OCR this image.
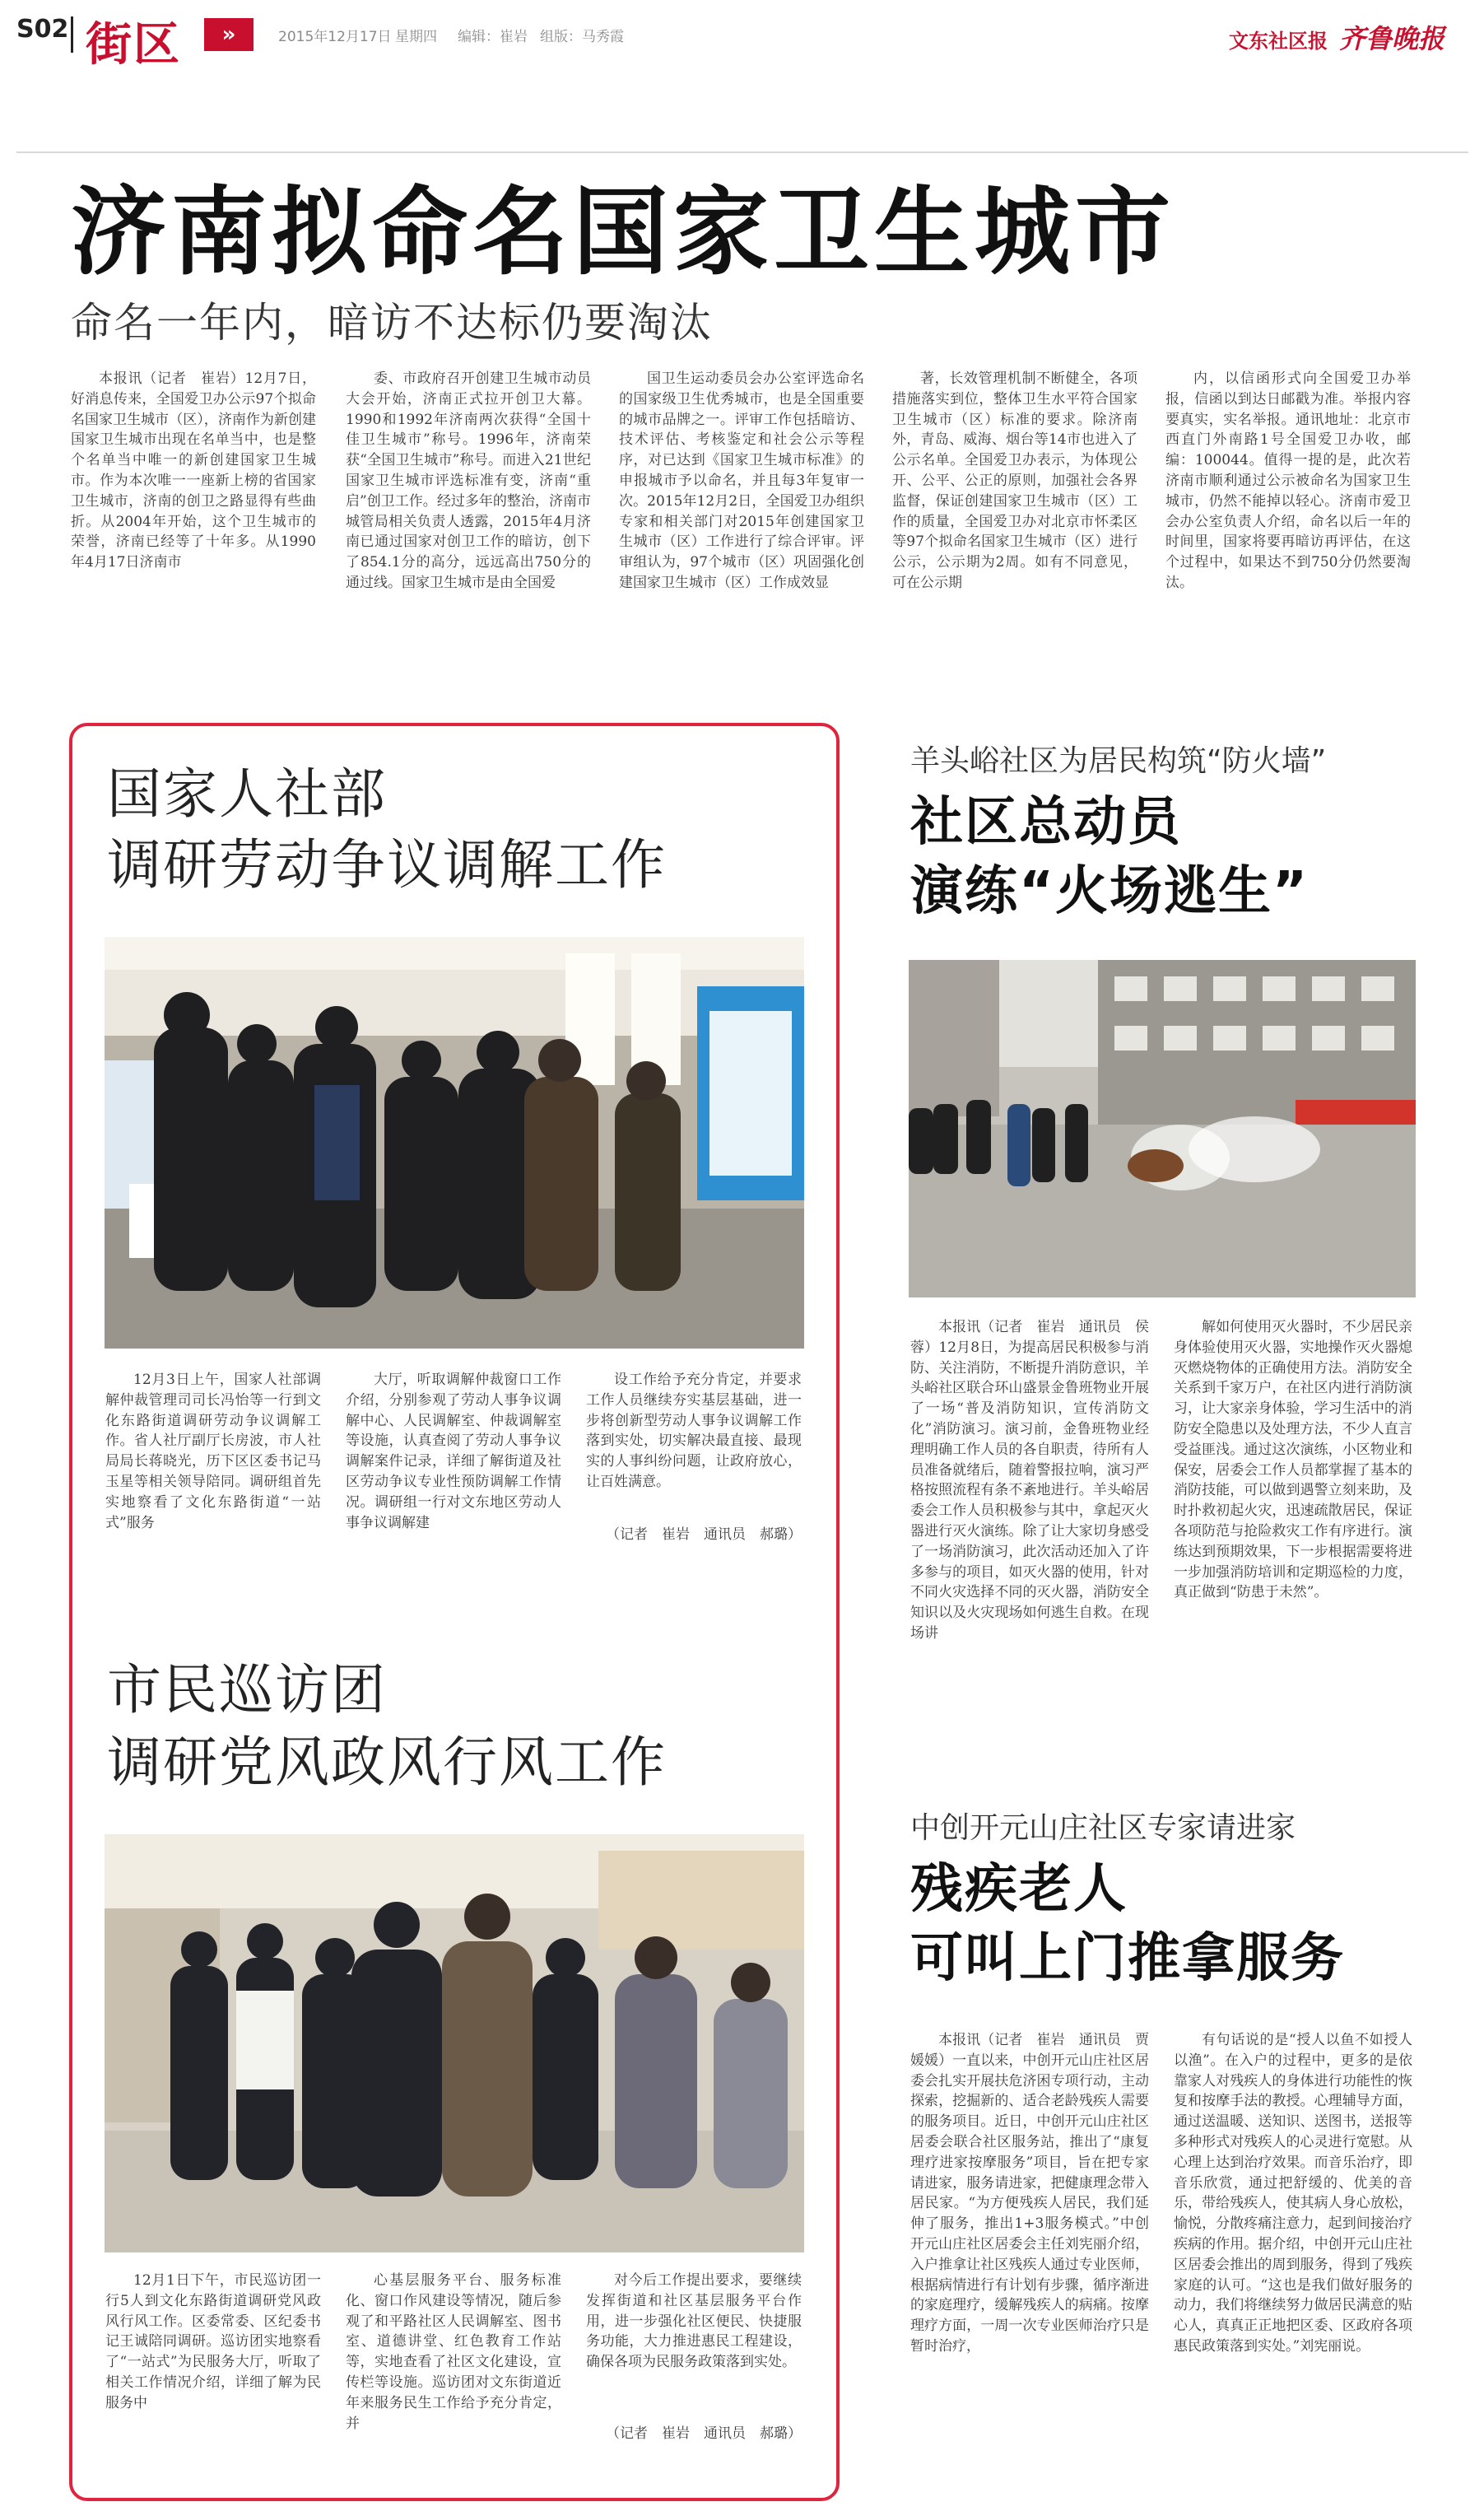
S02 街区	»	2015年12月17日 星期四 编辑：崔岩 组版：马秀霞	文东社区报 齐鲁晚报
济南拟命名国家卫生城市
命名一年内，暗访不达标仍要淘汰

本报讯（记者　崔岩）12月7日，好消息传来，全国爱卫办公示97个拟命名国家卫生城市（区），济南作为新创建国家卫生城市出现在名单当中，也是整个名单当中唯一的新创建国家卫生城市。作为本次唯一一座新上榜的省国家卫生城市，济南的创卫之路显得有些曲折。从2004年开始，这个卫生城市的荣誉，济南已经等了十年多。从1990年4月17日济南市

委、市政府召开创建卫生城市动员大会开始，济南正式拉开创卫大幕。1990和1992年济南两次获得“全国十佳卫生城市”称号。1996年，济南荣获“全国卫生城市”称号。而进入21世纪国家卫生城市评选标准有变，济南“重启”创卫工作。经过多年的整治，济南市城管局相关负责人透露，2015年4月济南已通过国家对创卫工作的暗访，创下了854.1分的高分，远远高出750分的通过线。国家卫生城市是由全国爱

国卫生运动委员会办公室评选命名的国家级卫生优秀城市，也是全国重要的城市品牌之一。评审工作包括暗访、技术评估、考核鉴定和社会公示等程序，对已达到《国家卫生城市标准》的申报城市予以命名，并且每3年复审一次。2015年12月2日，全国爱卫办组织专家和相关部门对2015年创建国家卫生城市（区）工作进行了综合评审。评审组认为，97个城市（区）巩固强化创建国家卫生城市（区）工作成效显

著，长效管理机制不断健全，各项措施落实到位，整体卫生水平符合国家卫生城市（区）标准的要求。除济南外，青岛、威海、烟台等14市也进入了公示名单。全国爱卫办表示，为体现公开、公平、公正的原则，加强社会各界监督，保证创建国家卫生城市（区）工作的质量，全国爱卫办对北京市怀柔区等97个拟命名国家卫生城市（区）进行公示，公示期为2周。如有不同意见，可在公示期

内，以信函形式向全国爱卫办举报，信函以到达日邮戳为准。举报内容要真实，实名举报。通讯地址：北京市西直门外南路1号全国爱卫办收，邮编：100044。值得一提的是，此次若济南市顺利通过公示被命名为国家卫生城市，仍然不能掉以轻心。济南市爱卫会办公室负责人介绍，命名以后一年的时间里，国家将要再暗访再评估，在这个过程中，如果达不到750分仍然要淘汰。

国家人社部
调研劳动争议调解工作

12月3日上午，国家人社部调解仲裁管理司司长冯怡等一行到文化东路街道调研劳动争议调解工作。省人社厅副厅长房波，市人社局局长蒋晓光，历下区区委书记马玉星等相关领导陪同。调研组首先实地察看了文化东路街道“一站式”服务

大厅，听取调解仲裁窗口工作介绍，分别参观了劳动人事争议调解中心、人民调解室、仲裁调解室等设施，认真查阅了劳动人事争议调解案件记录，详细了解街道及社区劳动争议专业性预防调解工作情况。调研组一行对文东地区劳动人事争议调解建

设工作给予充分肯定，并要求工作人员继续夯实基层基础，进一步将创新型劳动人事争议调解工作落到实处，切实解决最直接、最现实的人事纠纷问题，让政府放心，让百姓满意。

（记者　崔岩　通讯员　郝璐）
市民巡访团
调研党风政风行风工作

12月1日下午，市民巡访团一行5人到文化东路街道调研党风政风行风工作。区委常委、区纪委书记王诚陪同调研。巡访团实地察看了“一站式”为民服务大厅，听取了相关工作情况介绍，详细了解为民服务中

心基层服务平台、服务标准化、窗口作风建设等情况，随后参观了和平路社区人民调解室、图书室、道德讲堂、红色教育工作站等，实地查看了社区文化建设，宣传栏等设施。巡访团对文东街道近年来服务民生工作给予充分肯定，并

对今后工作提出要求，要继续发挥街道和社区基层服务平台作用，进一步强化社区便民、快捷服务功能，大力推进惠民工程建设，确保各项为民服务政策落到实处。

（记者　崔岩　通讯员　郝璐）
羊头峪社区为居民构筑“防火墙”
社区总动员
演练“火场逃生”

本报讯（记者　崔岩　通讯员　侯蓉）12月8日，为提高居民积极参与消防、关注消防，不断提升消防意识，羊头峪社区联合环山盛景金鲁班物业开展了一场“普及消防知识，宣传消防文化”消防演习。演习前，金鲁班物业经理明确工作人员的各自职责，待所有人员准备就绪后，随着警报拉响，演习严格按照流程有条不紊地进行。羊头峪居委会工作人员积极参与其中，拿起灭火器进行灭火演练。除了让大家切身感受了一场消防演习，此次活动还加入了许多参与的项目，如灭火器的使用，针对不同火灾选择不同的灭火器，消防安全知识以及火灾现场如何逃生自救。在现场讲

解如何使用灭火器时，不少居民亲身体验使用灭火器，实地操作灭火器熄灭燃烧物体的正确使用方法。消防安全关系到千家万户，在社区内进行消防演习，让大家亲身体验，学习生活中的消防安全隐患以及处理方法，不少人直言受益匪浅。通过这次演练，小区物业和保安，居委会工作人员都掌握了基本的消防技能，可以做到遇警立刻来助，及时扑救初起火灾，迅速疏散居民，保证各项防范与抢险救灾工作有序进行。演练达到预期效果，下一步根据需要将进一步加强消防培训和定期巡检的力度，真正做到“防患于未然”。

中创开元山庄社区专家请进家
残疾老人
可叫上门推拿服务

本报讯（记者　崔岩　通讯员　贾媛媛）一直以来，中创开元山庄社区居委会扎实开展扶危济困专项行动，主动探索，挖掘新的、适合老龄残疾人需要的服务项目。近日，中创开元山庄社区居委会联合社区服务站，推出了“康复理疗进家按摩服务”项目，旨在把专家请进家，服务请进家，把健康理念带入居民家。“为方便残疾人居民，我们延伸了服务，推出1+3服务模式。”中创开元山庄社区居委会主任刘宪丽介绍，入户推拿让社区残疾人通过专业医师，根据病情进行有计划有步骤，循序渐进的家庭理疗，缓解残疾人的病痛。按摩理疗方面，一周一次专业医师治疗只是暂时治疗，

有句话说的是“授人以鱼不如授人以渔”。在入户的过程中，更多的是依靠家人对残疾人的身体进行功能性的恢复和按摩手法的教授。心理辅导方面，通过送温暖、送知识、送图书，送报等多种形式对残疾人的心灵进行宽慰。从心理上达到治疗效果。而音乐治疗，即音乐欣赏，通过把舒缓的、优美的音乐，带给残疾人，使其病人身心放松，愉悦，分散疼痛注意力，起到间接治疗疾病的作用。据介绍，中创开元山庄社区居委会推出的周到服务，得到了残疾家庭的认可。“这也是我们做好服务的动力，我们将继续努力做居民满意的贴心人，真真正正地把区委、区政府各项惠民政策落到实处。”刘宪丽说。
